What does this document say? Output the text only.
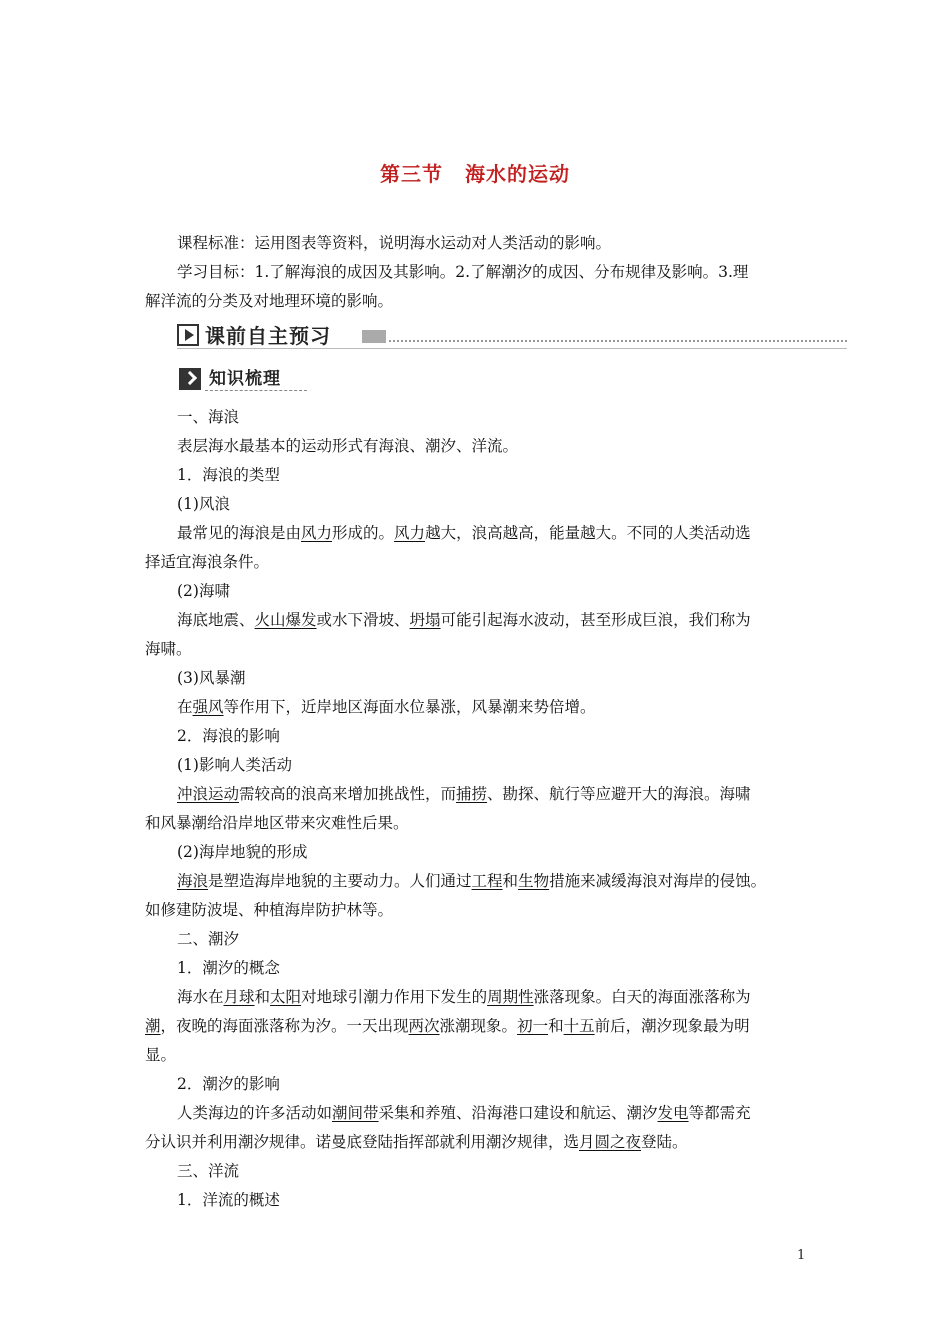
第三节 海水的运动
课程标准：运用图表等资料，说明海水运动对人类活动的影响。
学习目标：1.了解海浪的成因及其影响。2.了解潮汐的成因、分布规律及影响。3.理
解洋流的分类及对地理环境的影响。
课前自主预习
知识梳理
一、海浪
表层海水最基本的运动形式有海浪、潮汐、洋流。
1．海浪的类型
(1)风浪
最常见的海浪是由风力形成的。风力越大，浪高越高，能量越大。不同的人类活动选
择适宜海浪条件。
(2)海啸
海底地震、火山爆发或水下滑坡、坍塌可能引起海水波动，甚至形成巨浪，我们称为
海啸。
(3)风暴潮
在强风等作用下，近岸地区海面水位暴涨，风暴潮来势倍增。
2．海浪的影响
(1)影响人类活动
冲浪运动需较高的浪高来增加挑战性，而捕捞、勘探、航行等应避开大的海浪。海啸
和风暴潮给沿岸地区带来灾难性后果。
(2)海岸地貌的形成
海浪是塑造海岸地貌的主要动力。人们通过工程和生物措施来减缓海浪对海岸的侵蚀。
如修建防波堤、种植海岸防护林等。
二、潮汐
1．潮汐的概念
海水在月球和太阳对地球引潮力作用下发生的周期性涨落现象。白天的海面涨落称为
潮，夜晚的海面涨落称为汐。一天出现两次涨潮现象。初一和十五前后，潮汐现象最为明
显。
2．潮汐的影响
人类海边的许多活动如潮间带采集和养殖、沿海港口建设和航运、潮汐发电等都需充
分认识并利用潮汐规律。诺曼底登陆指挥部就利用潮汐规律，选月圆之夜登陆。
三、洋流
1．洋流的概述
1
